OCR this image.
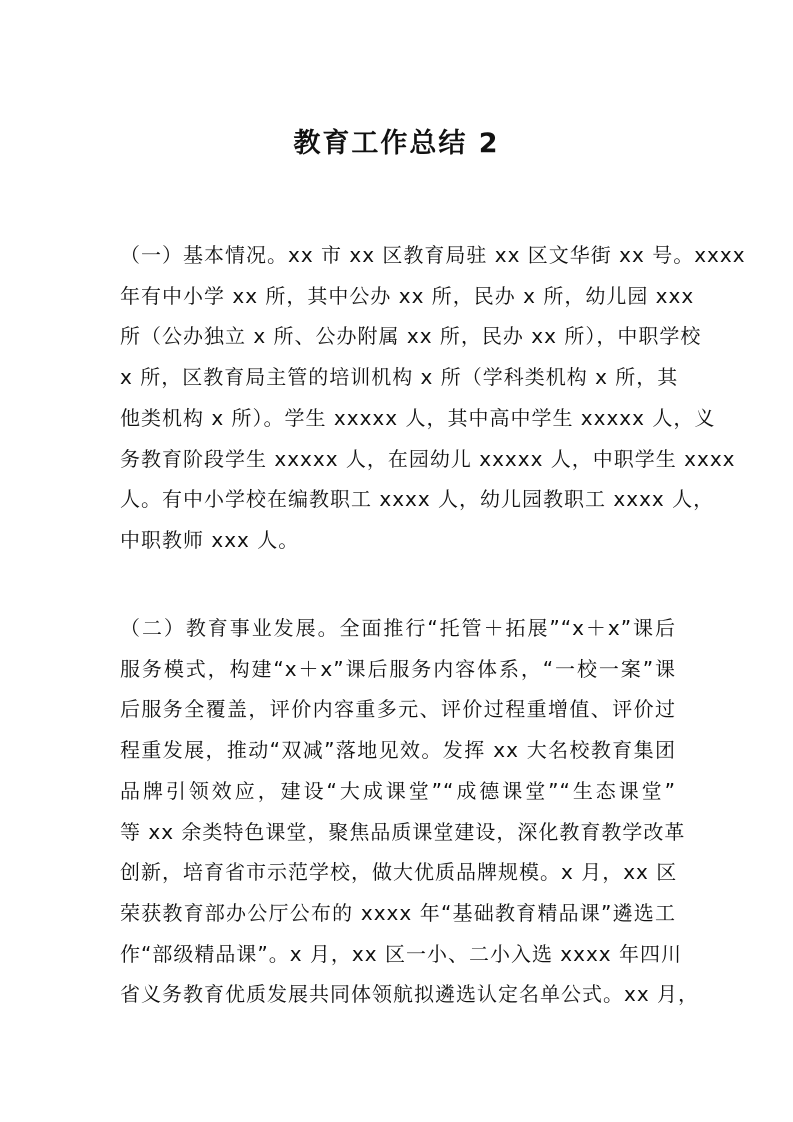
教育工作总结 2
（一）基本情况。xx 市 xx 区教育局驻 xx 区文华街 xx 号。xxxx
年有中小学 xx 所，其中公办 xx 所，民办 x 所，幼儿园 xxx
所（公办独立 x 所、公办附属 xx 所，民办 xx 所），中职学校
x 所，区教育局主管的培训机构 x 所（学科类机构 x 所，其
他类机构 x 所）。学生 xxxxx 人，其中高中学生 xxxxx 人，义
务教育阶段学生 xxxxx 人，在园幼儿 xxxxx 人，中职学生 xxxx
人。有中小学校在编教职工 xxxx 人，幼儿园教职工 xxxx 人，
中职教师 xxx 人。
（二）教育事业发展。全面推行“托管＋拓展”“x＋x”课后
服务模式，构建“x＋x”课后服务内容体系，“一校一案”课
后服务全覆盖，评价内容重多元、评价过程重增值、评价过
程重发展，推动“双减”落地见效。发挥 xx 大名校教育集团
品牌引领效应，建设“大成课堂”“成德课堂”“生态课堂”
等 xx 余类特色课堂，聚焦品质课堂建设，深化教育教学改革
创新，培育省市示范学校，做大优质品牌规模。x 月，xx 区
荣获教育部办公厅公布的 xxxx 年“基础教育精品课”遴选工
作“部级精品课”。x 月，xx 区一小、二小入选 xxxx 年四川
省义务教育优质发展共同体领航拟遴选认定名单公式。xx 月，
